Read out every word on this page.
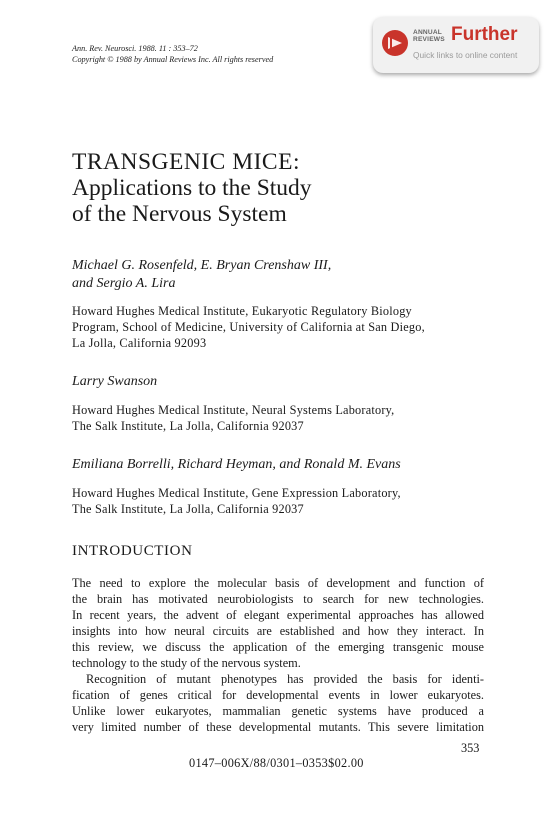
Ann. Rev. Neurosci. 1988. 11 : 353–72
Copyright © 1988 by Annual Reviews Inc. All rights reserved
ANNUAL
REVIEWS Further
Quick links to online content
TRANSGENIC MICE:
Applications to the Study
of the Nervous System
Michael G. Rosenfeld, E. Bryan Crenshaw III,
and Sergio A. Lira
Howard Hughes Medical Institute, Eukaryotic Regulatory Biology
Program, School of Medicine, University of California at San Diego,
La Jolla, California 92093
Larry Swanson
Howard Hughes Medical Institute, Neural Systems Laboratory,
The Salk Institute, La Jolla, California 92037
Emiliana Borrelli, Richard Heyman, and Ronald M. Evans
Howard Hughes Medical Institute, Gene Expression Laboratory,
The Salk Institute, La Jolla, California 92037
INTRODUCTION
The need to explore the molecular basis of development and function of
the brain has motivated neurobiologists to search for new technologies.
In recent years, the advent of elegant experimental approaches has allowed
insights into how neural circuits are established and how they interact. In
this review, we discuss the application of the emerging transgenic mouse
technology to the study of the nervous system.
Recognition of mutant phenotypes has provided the basis for identi-
fication of genes critical for developmental events in lower eukaryotes.
Unlike lower eukaryotes, mammalian genetic systems have produced a
very limited number of these developmental mutants. This severe limitation
353
0147–006X/88/0301–0353$02.00
